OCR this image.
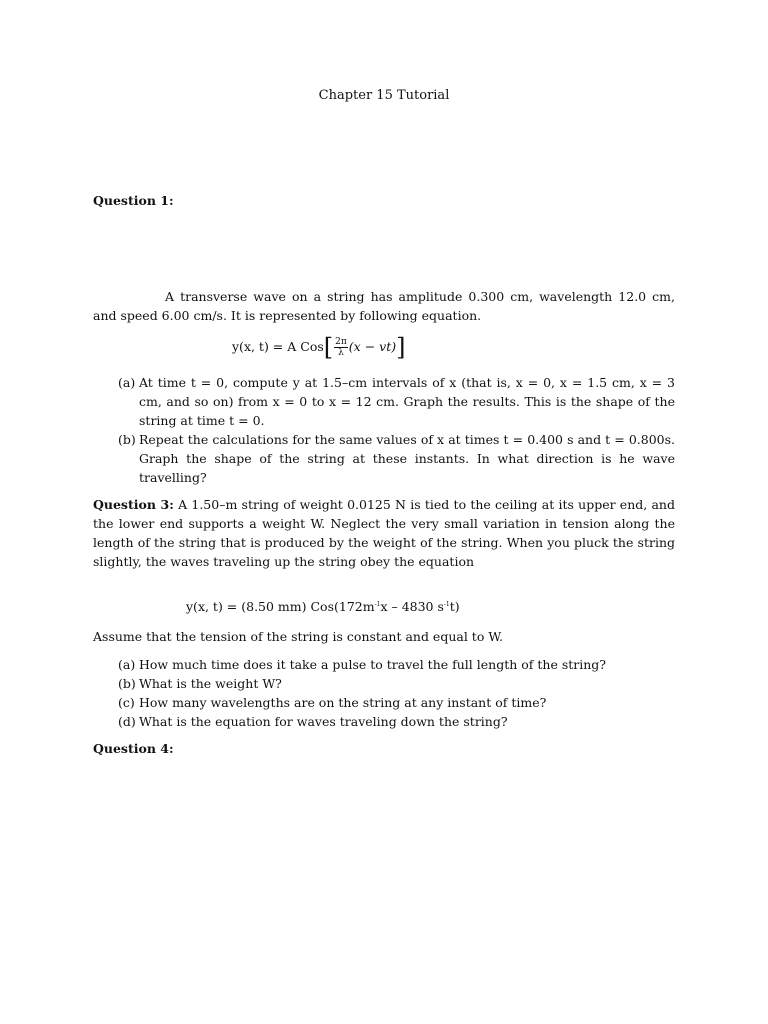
Chapter 15 Tutorial
Question 1:
A transverse wave on a string has amplitude 0.300 cm, wavelength 12.0 cm, and speed 6.00 cm/s. It is represented by following equation.
y(x, t) = A $Cos[ \frac{2\pi}{\lambda} (x - vt)]$
(a) At time t = 0, compute y at 1.5–cm intervals of x (that is, x = 0, x = 1.5 cm, x = 3 cm, and so on) from x = 0 to x = 12 cm. Graph the results. This is the shape of the string at time t = 0.
(b) Repeat the calculations for the same values of x at times t = 0.400 s and t = 0.800s. Graph the shape of the string at these instants. In what direction is he wave travelling?
Question 3: A 1.50–m string of weight 0.0125 N is tied to the ceiling at its upper end, and the lower end supports a weight W. Neglect the very small variation in tension along the length of the string that is produced by the weight of the string. When you pluck the string slightly, the waves traveling up the string obey the equation
y(x, t) = (8.50 mm) $Cos(172m^{-1}x - 4830$ $s^{-1}t$)
Assume that the tension of the string is constant and equal to W.
(a) How much time does it take a pulse to travel the full length of the string?
(b) What is the weight W?
(c) How many wavelengths are on the string at any instant of time?
(d) What is the equation for waves traveling down the string?
Question 4:
